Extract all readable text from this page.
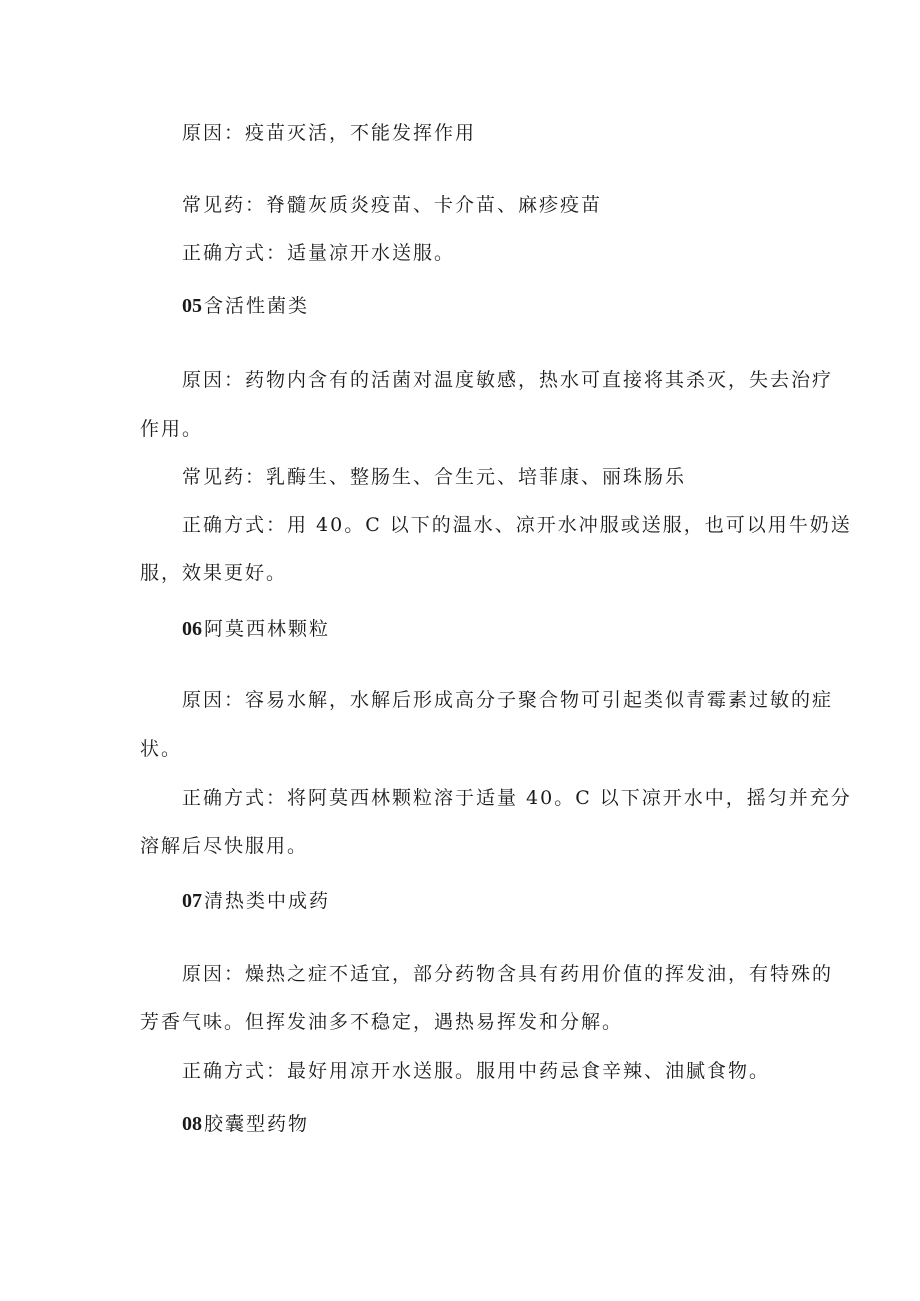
原因：疫苗灭活，不能发挥作用
常见药：脊髓灰质炎疫苗、卡介苗、麻疹疫苗
正确方式：适量凉开水送服。
05 含活性菌类
原因：药物内含有的活菌对温度敏感，热水可直接将其杀灭，失去治疗
作用。
常见药：乳酶生、整肠生、合生元、培菲康、丽珠肠乐
正确方式：用 40。C 以下的温水、凉开水冲服或送服，也可以用牛奶送
服，效果更好。
06 阿莫西林颗粒
原因：容易水解，水解后形成高分子聚合物可引起类似青霉素过敏的症
状。
正确方式：将阿莫西林颗粒溶于适量 40。C 以下凉开水中，摇匀并充分
溶解后尽快服用。
07 清热类中成药
原因：燥热之症不适宜，部分药物含具有药用价值的挥发油，有特殊的
芳香气味。但挥发油多不稳定，遇热易挥发和分解。
正确方式：最好用凉开水送服。服用中药忌食辛辣、油腻食物。
08 胶囊型药物
